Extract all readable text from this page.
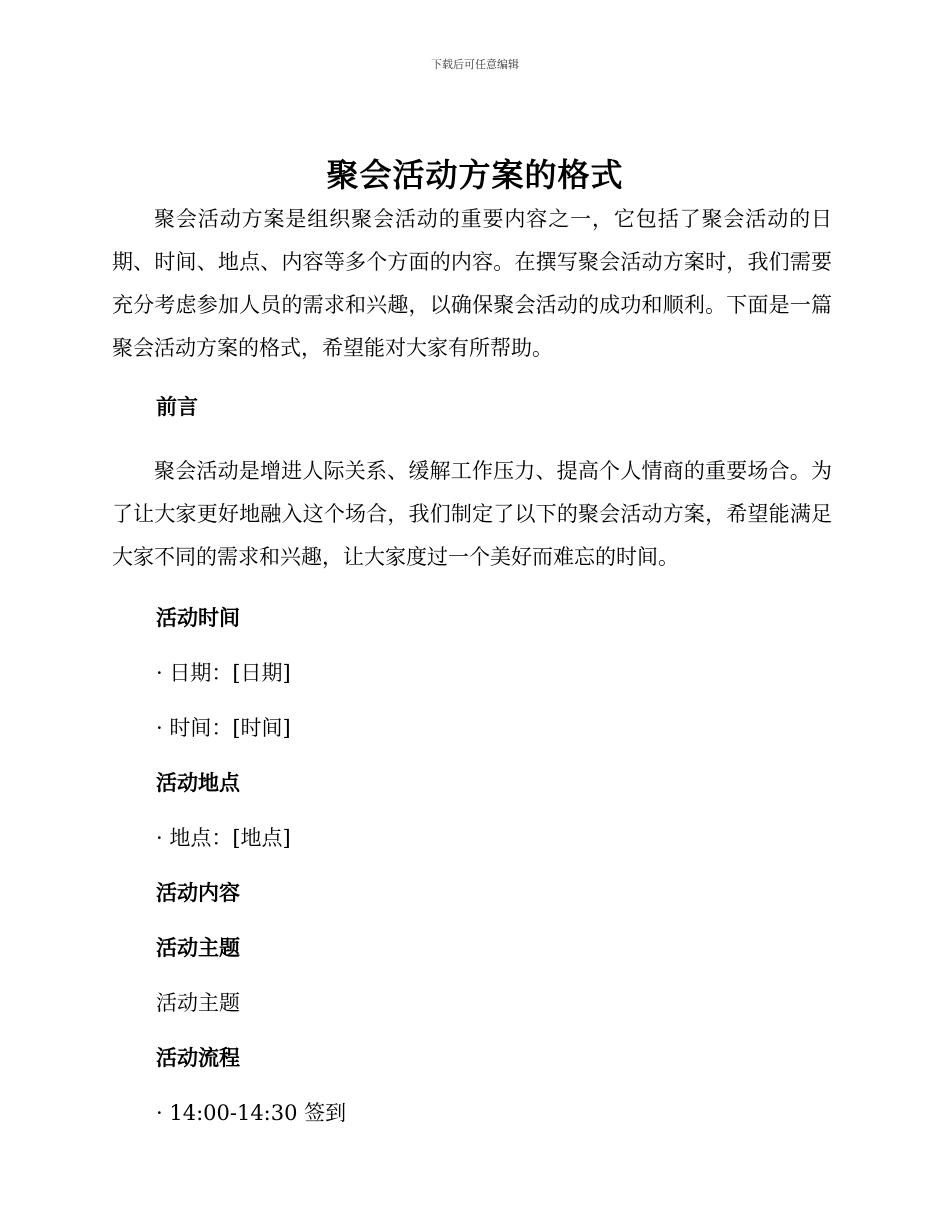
下载后可任意编辑
聚会活动方案的格式

聚会活动方案是组织聚会活动的重要内容之一，它包括了聚会活动的日期、时间、地点、内容等多个方面的内容。在撰写聚会活动方案时，我们需要充分考虑参加人员的需求和兴趣，以确保聚会活动的成功和顺利。下面是一篇聚会活动方案的格式，希望能对大家有所帮助。

前言

聚会活动是增进人际关系、缓解工作压力、提高个人情商的重要场合。为了让大家更好地融入这个场合，我们制定了以下的聚会活动方案，希望能满足大家不同的需求和兴趣，让大家度过一个美好而难忘的时间。

活动时间

· 日期：[日期]

· 时间：[时间]

活动地点

· 地点：[地点]

活动内容

活动主题

活动主题

活动流程

· 14:00-14:30 签到
